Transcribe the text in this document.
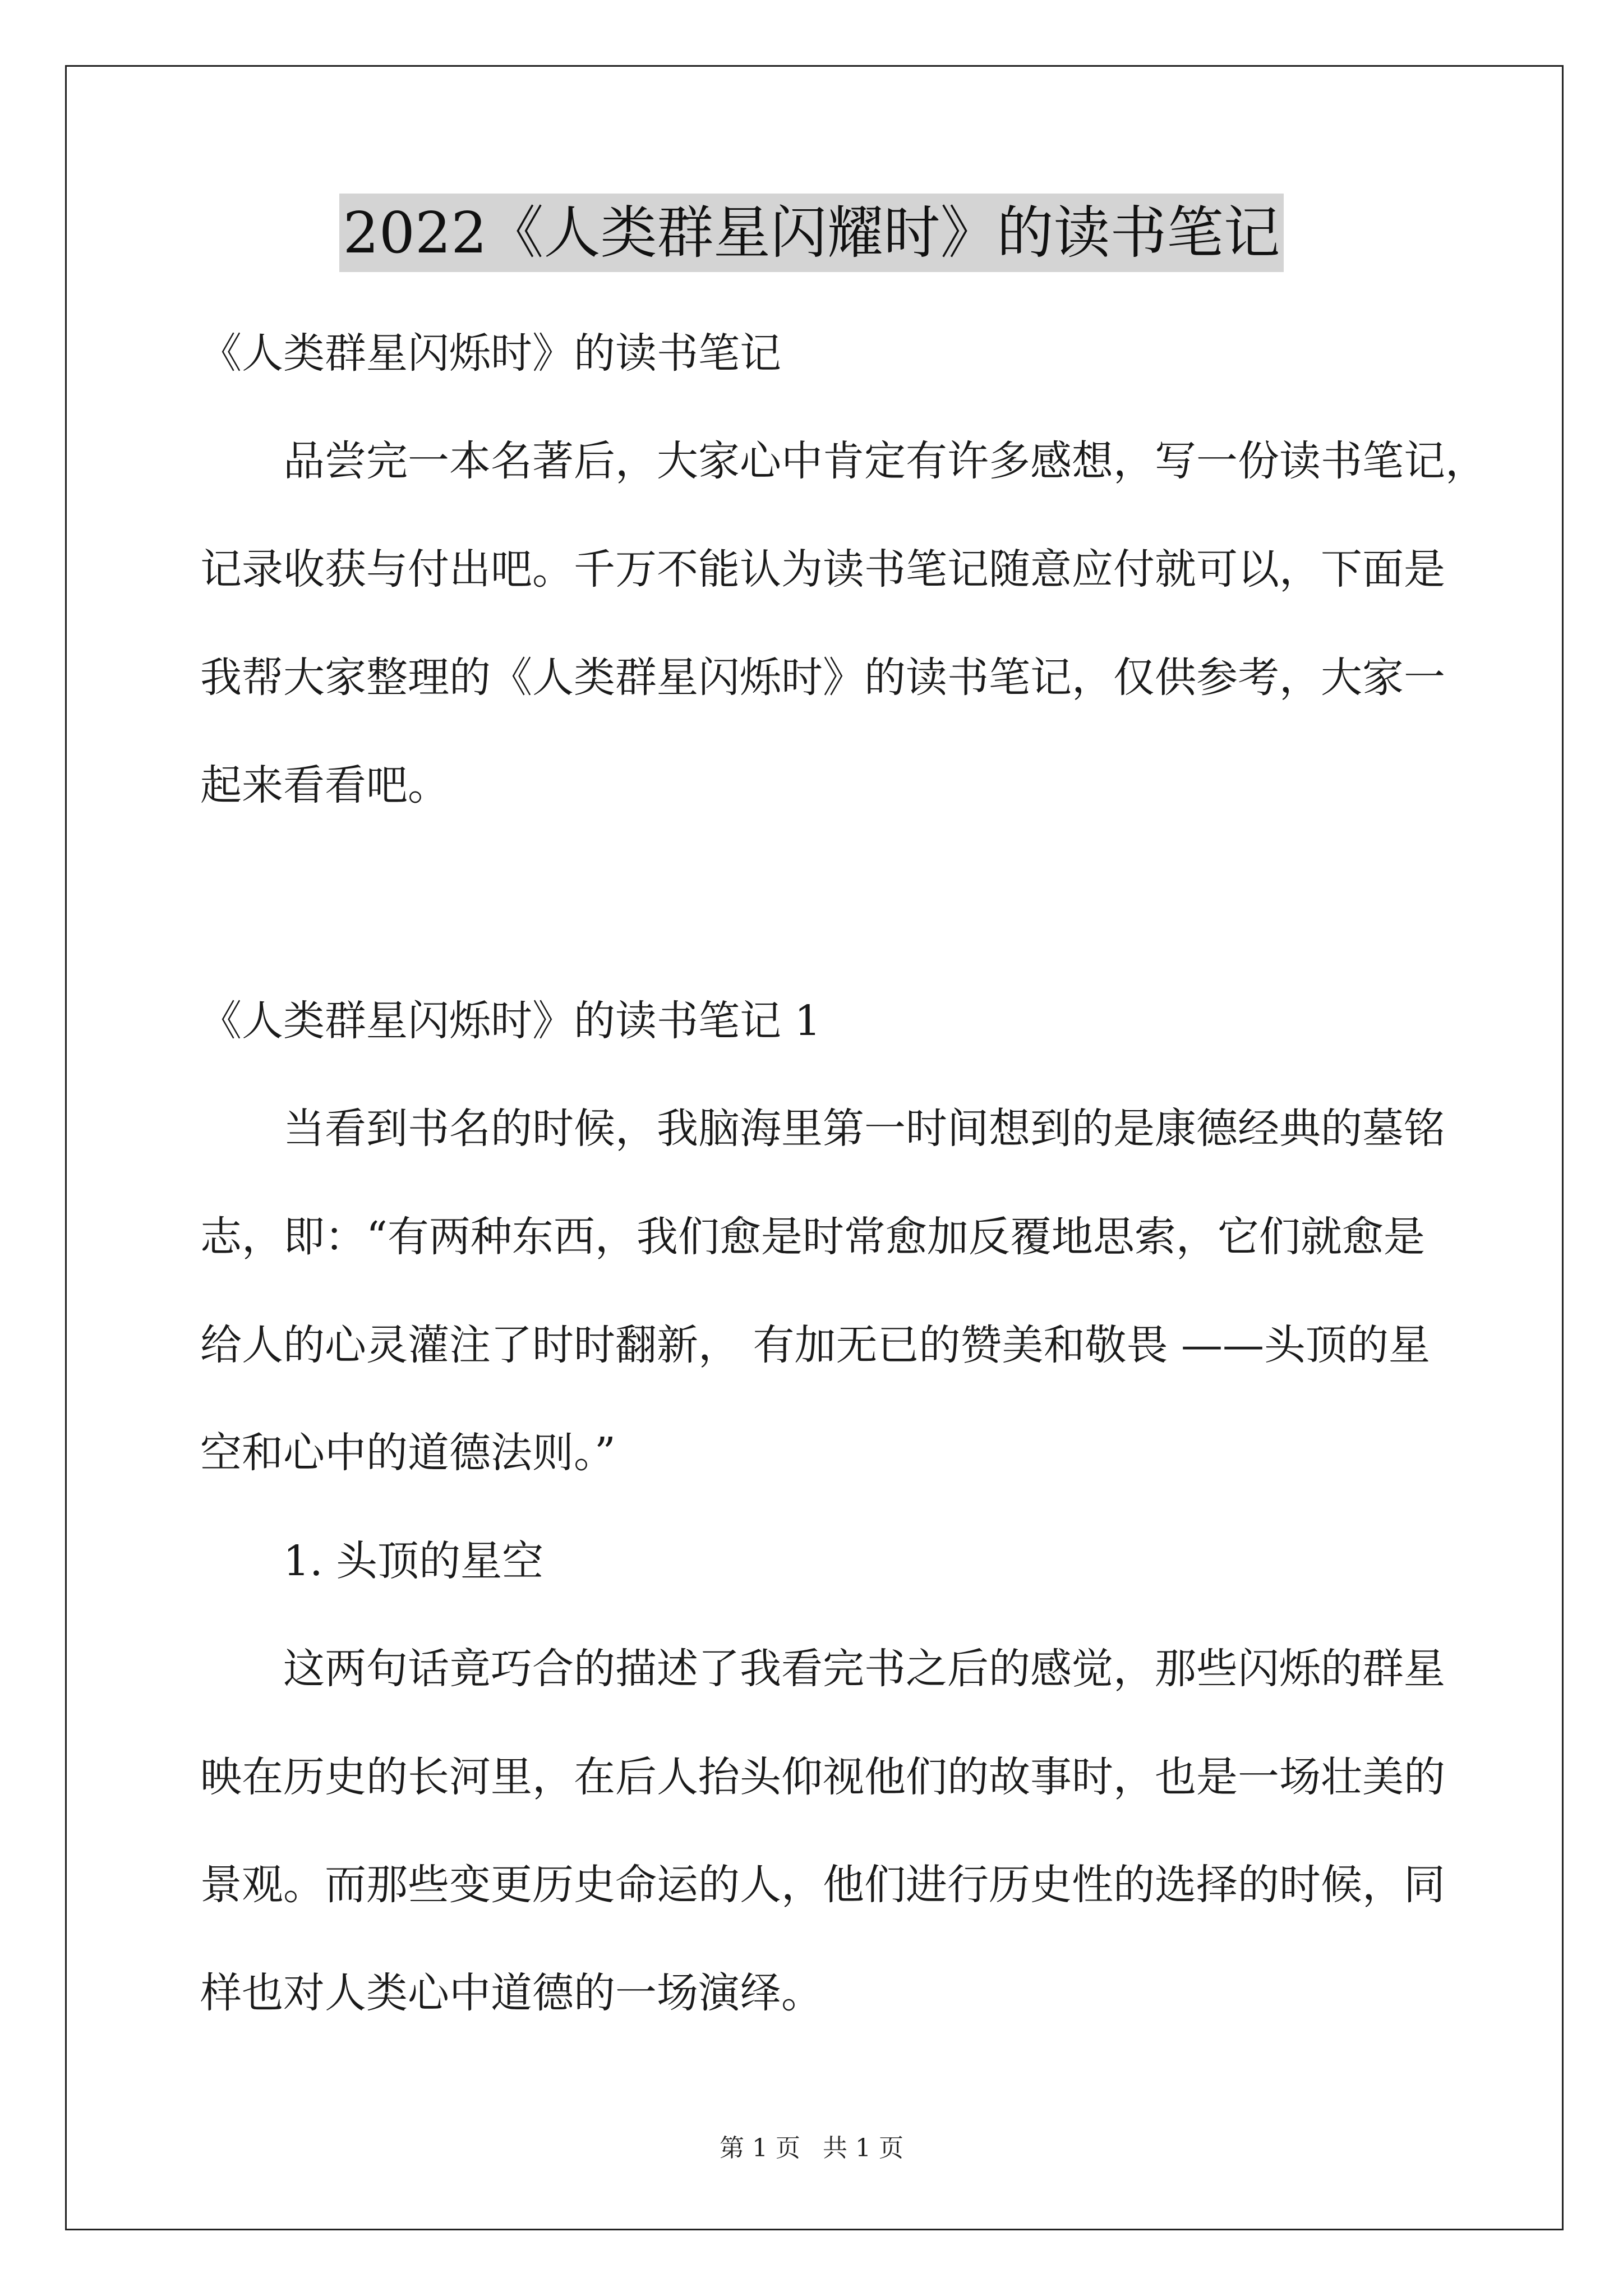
2022《人类群星闪耀时》的读书笔记
《人类群星闪烁时》的读书笔记
品尝完一本名著后，大家心中肯定有许多感想，写一份读书笔记，
记录收获与付出吧。千万不能认为读书笔记随意应付就可以，下面是
我帮大家整理的《人类群星闪烁时》的读书笔记，仅供参考，大家一
起来看看吧。
《人类群星闪烁时》的读书笔记 1
当看到书名的时候，我脑海里第一时间想到的是康德经典的墓铭
志，即：“有两种东西，我们愈是时常愈加反覆地思索，它们就愈是
给人的心灵灌注了时时翻新， 有加无已的赞美和敬畏 ——头顶的星
空和心中的道德法则。”
1. 头顶的星空
这两句话竟巧合的描述了我看完书之后的感觉，那些闪烁的群星
映在历史的长河里，在后人抬头仰视他们的故事时，也是一场壮美的
景观。而那些变更历史命运的人，他们进行历史性的选择的时候，同
样也对人类心中道德的一场演绎。
第 1 页 共 1 页
